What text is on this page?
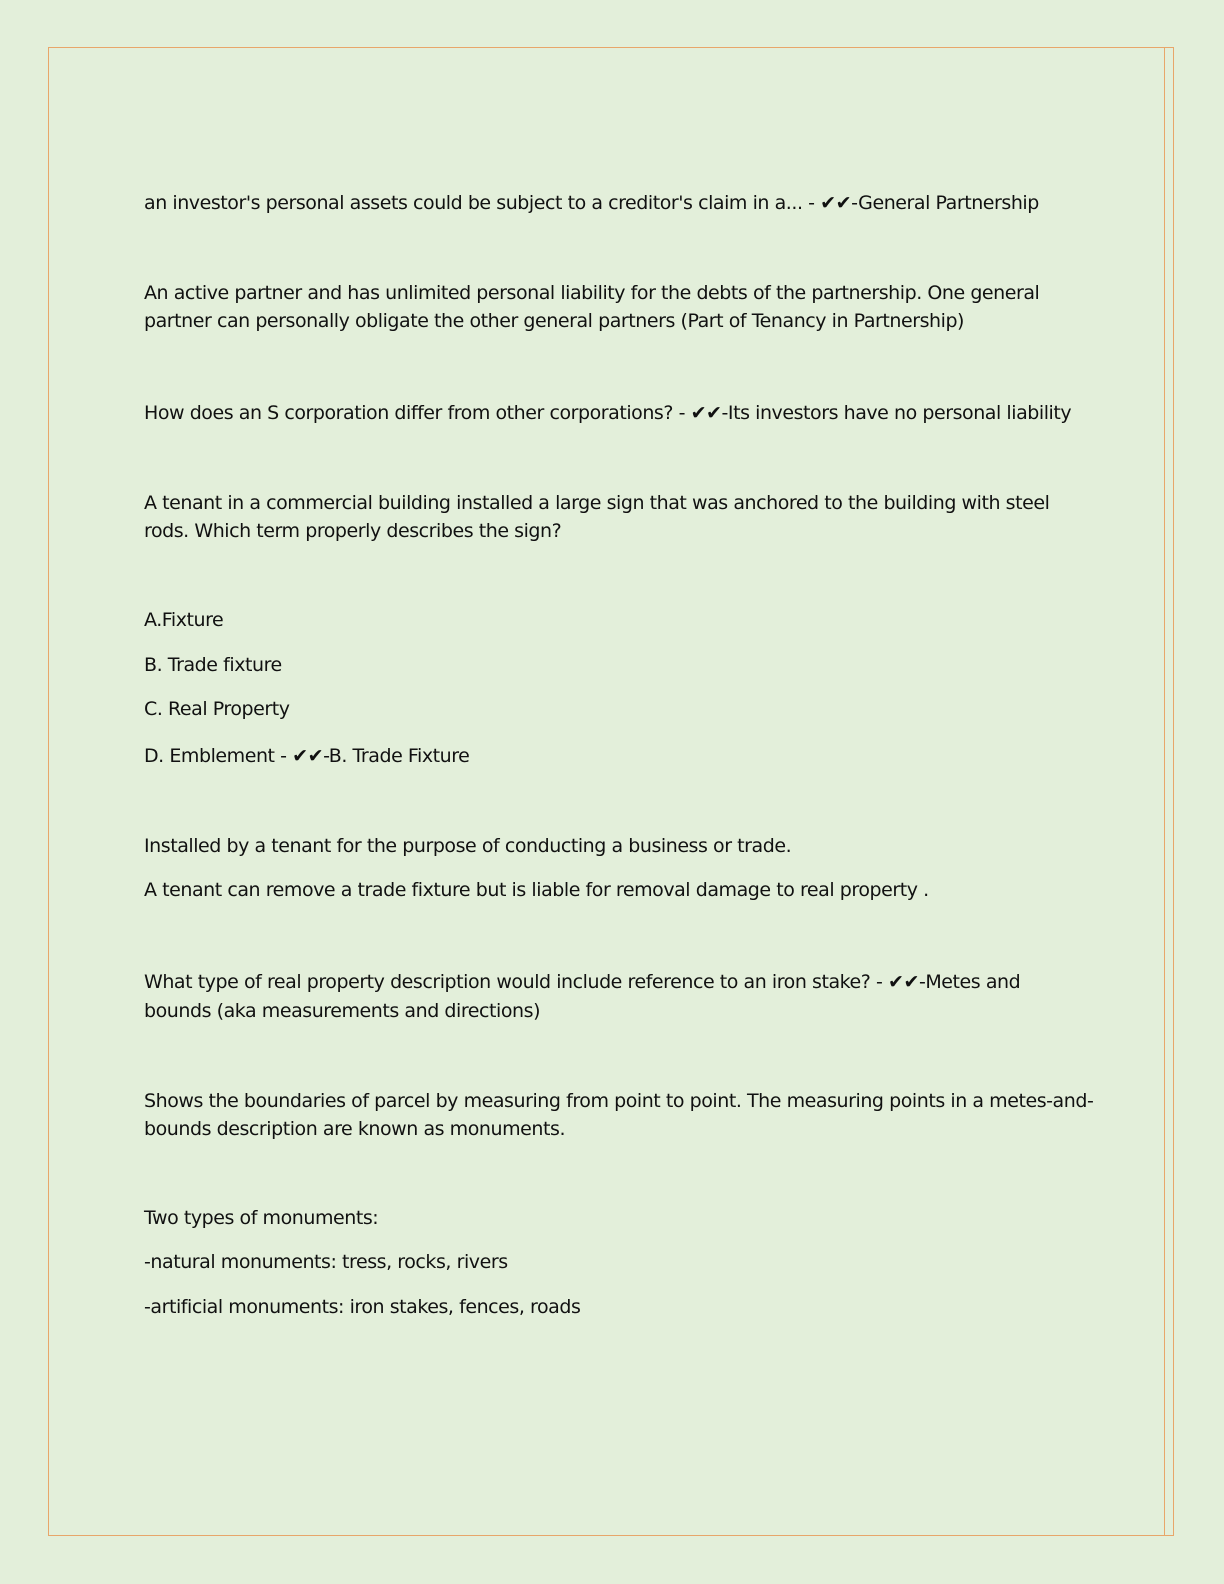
an investor's personal assets could be subject to a creditor's claim in a... - ✔✔-General Partnership
An active partner and has unlimited personal liability for the debts of the partnership. One general
partner can personally obligate the other general partners (Part of Tenancy in Partnership)
How does an S corporation differ from other corporations? - ✔✔-Its investors have no personal liability
A tenant in a commercial building installed a large sign that was anchored to the building with steel
rods. Which term properly describes the sign?
A.Fixture
B. Trade fixture
C. Real Property
D. Emblement - ✔✔-B. Trade Fixture
Installed by a tenant for the purpose of conducting a business or trade.
A tenant can remove a trade fixture but is liable for removal damage to real property .
What type of real property description would include reference to an iron stake? - ✔✔-Metes and
bounds (aka measurements and directions)
Shows the boundaries of parcel by measuring from point to point. The measuring points in a metes-and-
bounds description are known as monuments.
Two types of monuments:
-natural monuments: tress, rocks, rivers
-artificial monuments: iron stakes, fences, roads
